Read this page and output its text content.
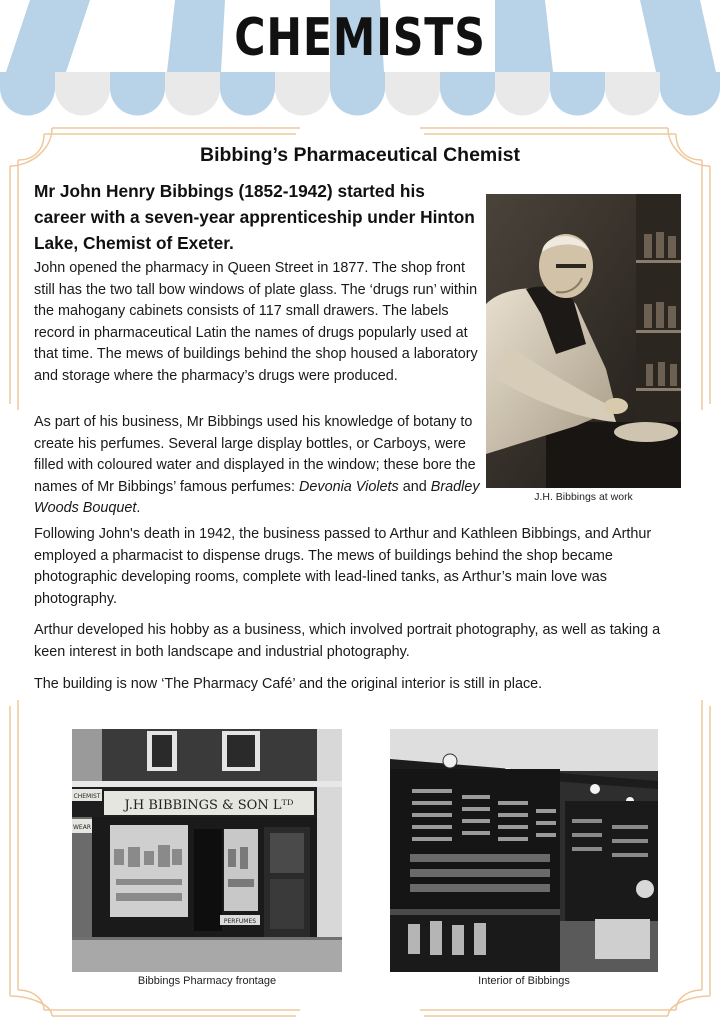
CHEMISTS
Bibbing’s Pharmaceutical Chemist
Mr John Henry Bibbings (1852-1942) started his career with a seven-year apprenticeship under Hinton Lake, Chemist of Exeter.
John opened the pharmacy in Queen Street in 1877. The shop front still has the two tall bow windows of plate glass. The ‘drugs run’ within the mahogany cabinets consists of 117 small drawers. The labels record in pharmaceutical Latin the names of drugs popularly used at that time. The mews of buildings behind the shop housed a laboratory and storage where the pharmacy’s drugs were produced.
As part of his business, Mr Bibbings used his knowledge of botany to create his perfumes. Several large display bottles, or Carboys, were filled with coloured water and displayed in the window; these bore the names of Mr Bibbings’ famous perfumes: Devonia Violets and Bradley Woods Bouquet.
Following John's death in 1942, the business passed to Arthur and Kathleen Bibbings, and Arthur employed a pharmacist to dispense drugs. The mews of buildings behind the shop became photographic developing rooms, complete with lead-lined tanks, as Arthur’s main love was photography.
Arthur developed his hobby as a business, which involved portrait photography, as well as taking a keen interest in both landscape and industrial photography.
The building is now ‘The Pharmacy Café’ and the original interior is still in place.
J.H. Bibbings at work
J.H BIBBINGS & SON Lᵀᴰ
CHEMIST
WEAR
PERFUMES
Bibbings Pharmacy frontage	Interior of Bibbings
